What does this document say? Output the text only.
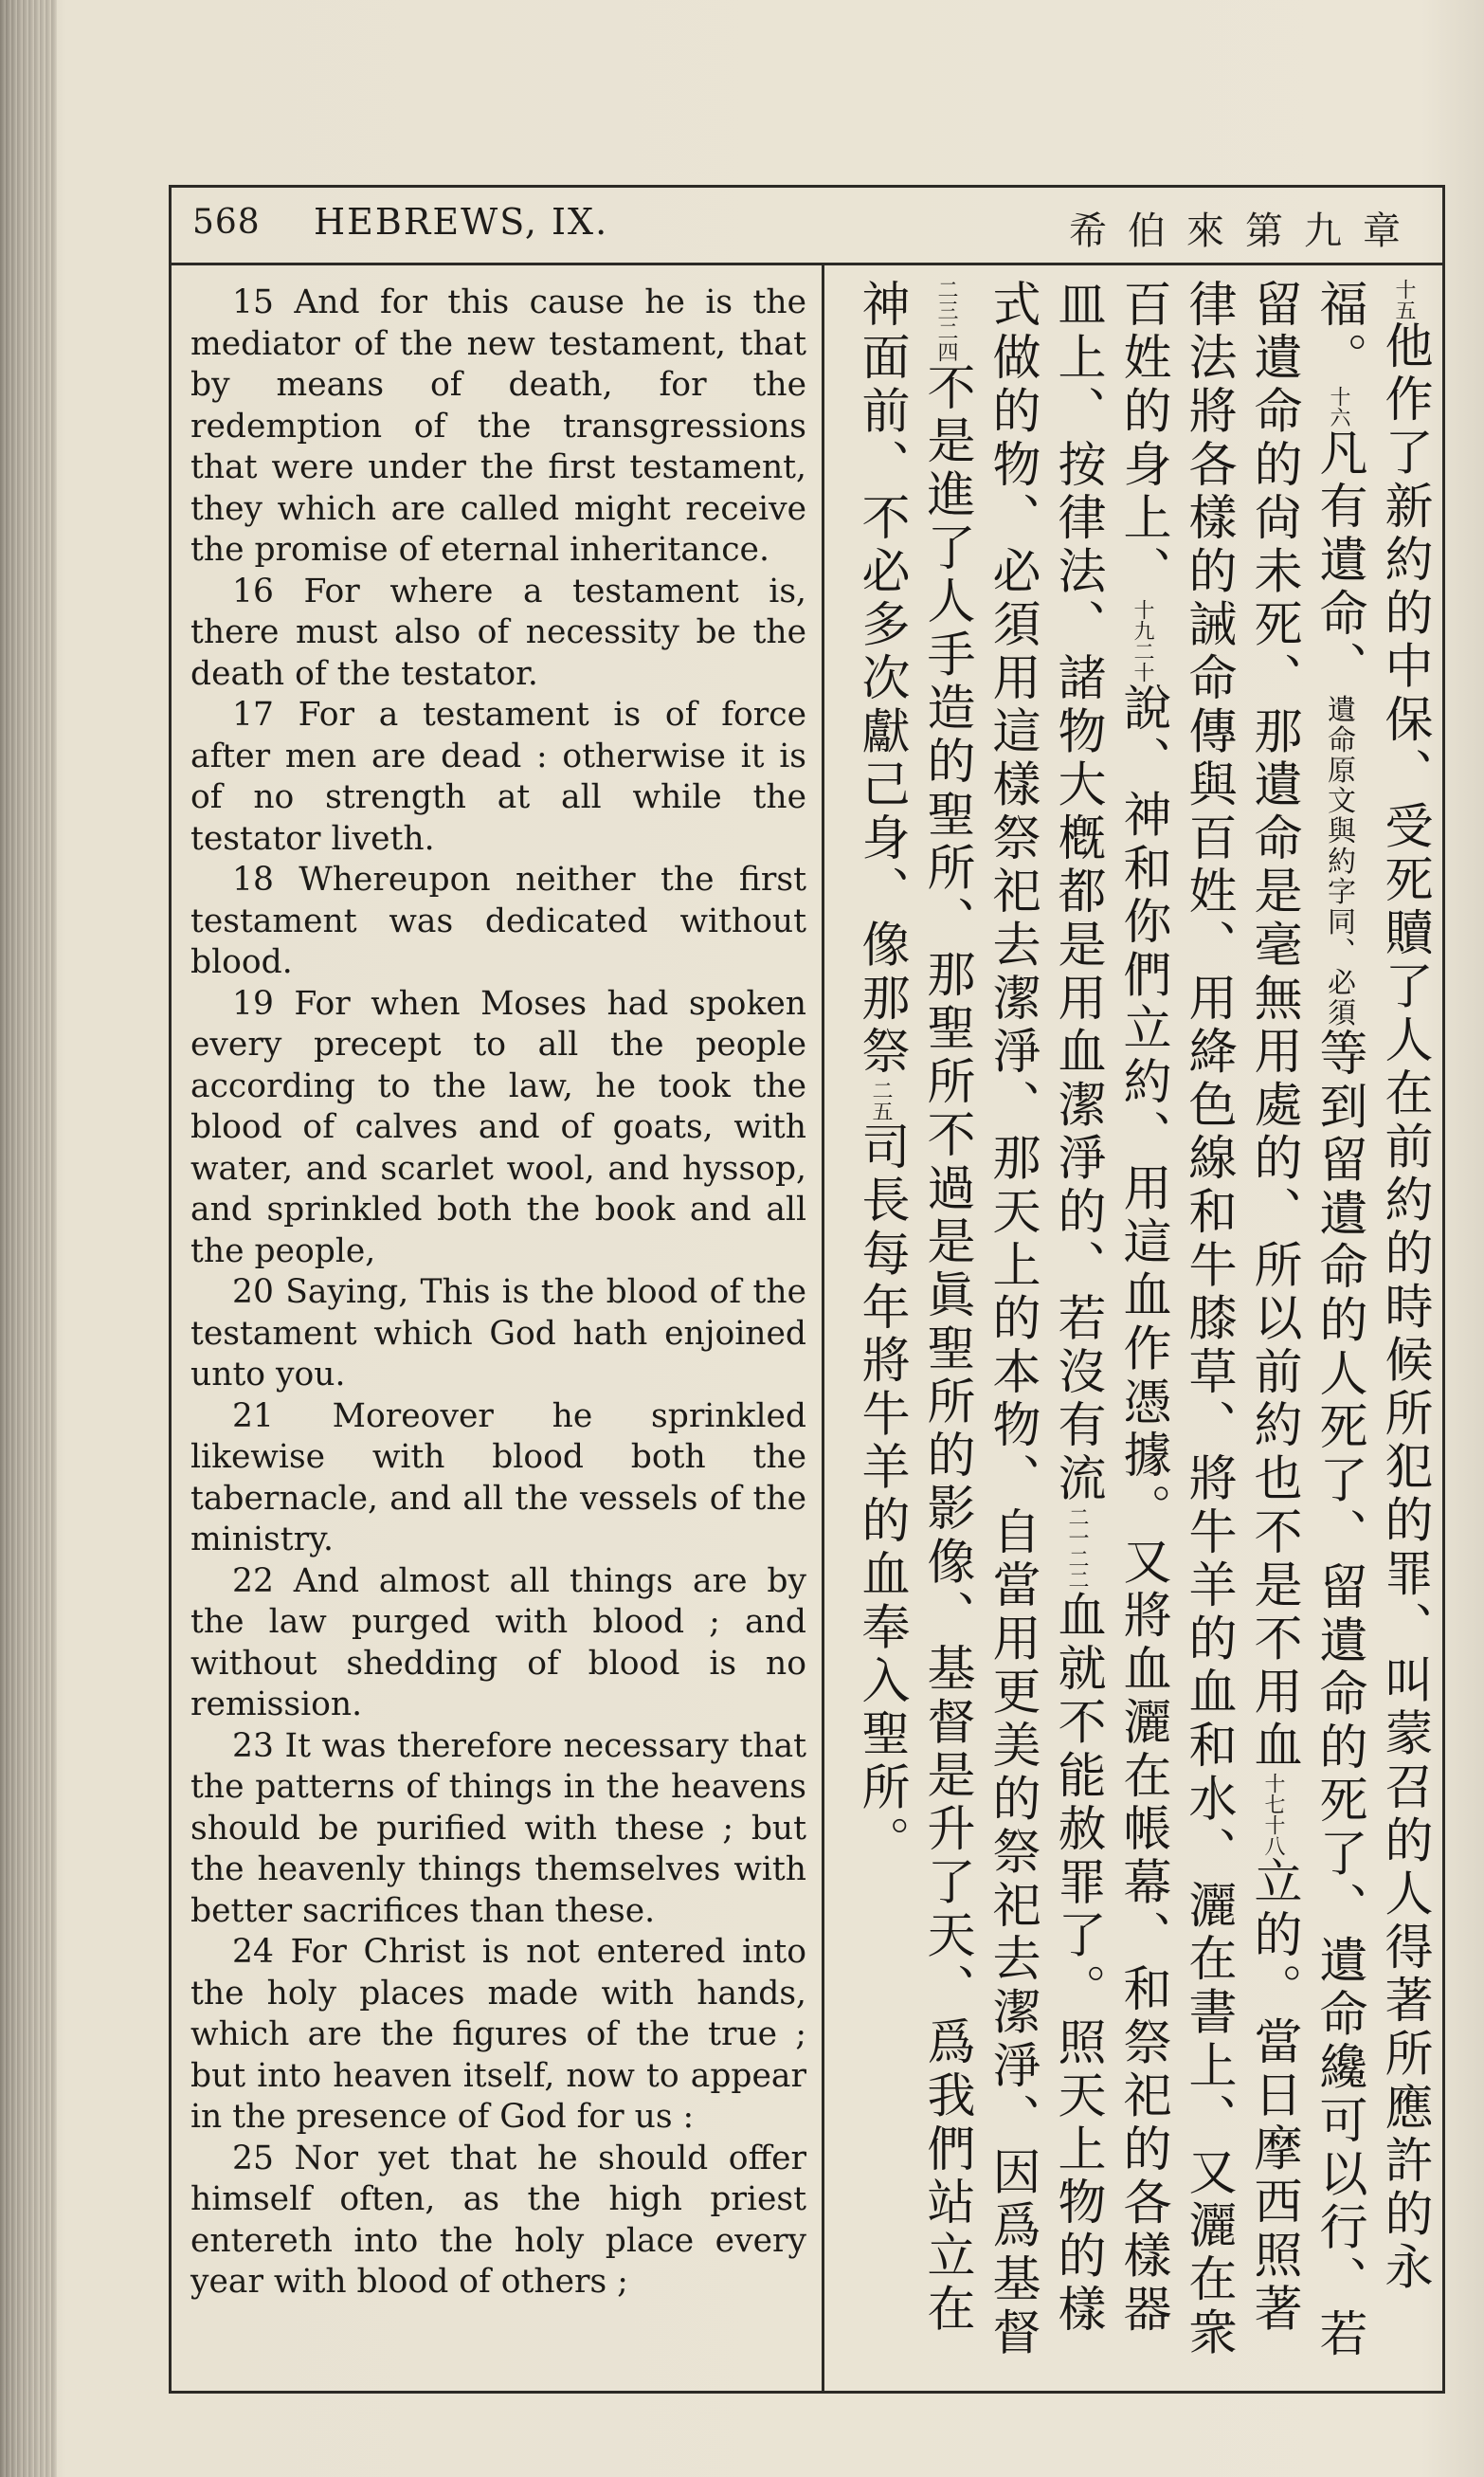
568 HEBREWS, IX.	希伯來第九章

15 And for this cause he is the mediator of the new testament, that by means of death, for the redemption of the transgressions that were under the first testament, they which are called might receive the promise of eternal inheritance.

16 For where a testament is, there must also of necessity be the death of the testator.

17 For a testament is of force after men are dead : otherwise it is of no strength at all while the testator liveth.

18 Whereupon neither the first testament was dedicated without blood.

19 For when Moses had spoken every precept to all the people according to the law, he took the blood of calves and of goats, with water, and scarlet wool, and hyssop, and sprinkled both the book and all the people,

20 Saying, This is the blood of the testament which God hath enjoined unto you.

21 Moreover he sprinkled likewise with blood both the tabernacle, and all the vessels of the ministry.

22 And almost all things are by the law purged with blood ; and without shedding of blood is no remission.

23 It was therefore necessary that the patterns of things in the heavens should be purified with these ; but the heavenly things themselves with better sacrifices than these.

24 For Christ is not entered into the holy places made with hands, which are the figures of the true ; but into heaven itself, now to appear in the presence of God for us :

25 Nor yet that he should offer himself often, as the high priest entereth into the holy place every year with blood of others ;

十五他作了新約的中保、受死贖了人在前約的時候所犯的罪、叫蒙召的人得著所應許的永福。十六凡有遺命、遺命原文與約字同、必須等到留遺命的人死了、留遺命的死了、遺命纔可以行、若留遺命的尙未死、那遺命是毫無用處的、所以前約也不是不用血十七十八立的。當日摩西照著律法將各樣的誡命傳與百姓、用絳色線和牛膝草、將牛羊的血和水、灑在書上、又灑在衆百姓的身上、十九二十說、神和你們立約、用這血作憑據。又將血灑在帳幕、和祭祀的各樣器皿上、按律法、諸物大槪都是用血潔淨的、若沒有流二一二二血就不能赦罪了。照天上物的樣式做的物、必須用這樣祭祀去潔淨、那天上的本物、自當用更美的祭祀去潔淨、因爲基督二三二四不是進了人手造的聖所、那聖所不過是眞聖所的影像、基督是升了天、爲我們站立在神面前、不必多次獻己身、像那祭二五司長每年將牛羊的血奉入聖所。
